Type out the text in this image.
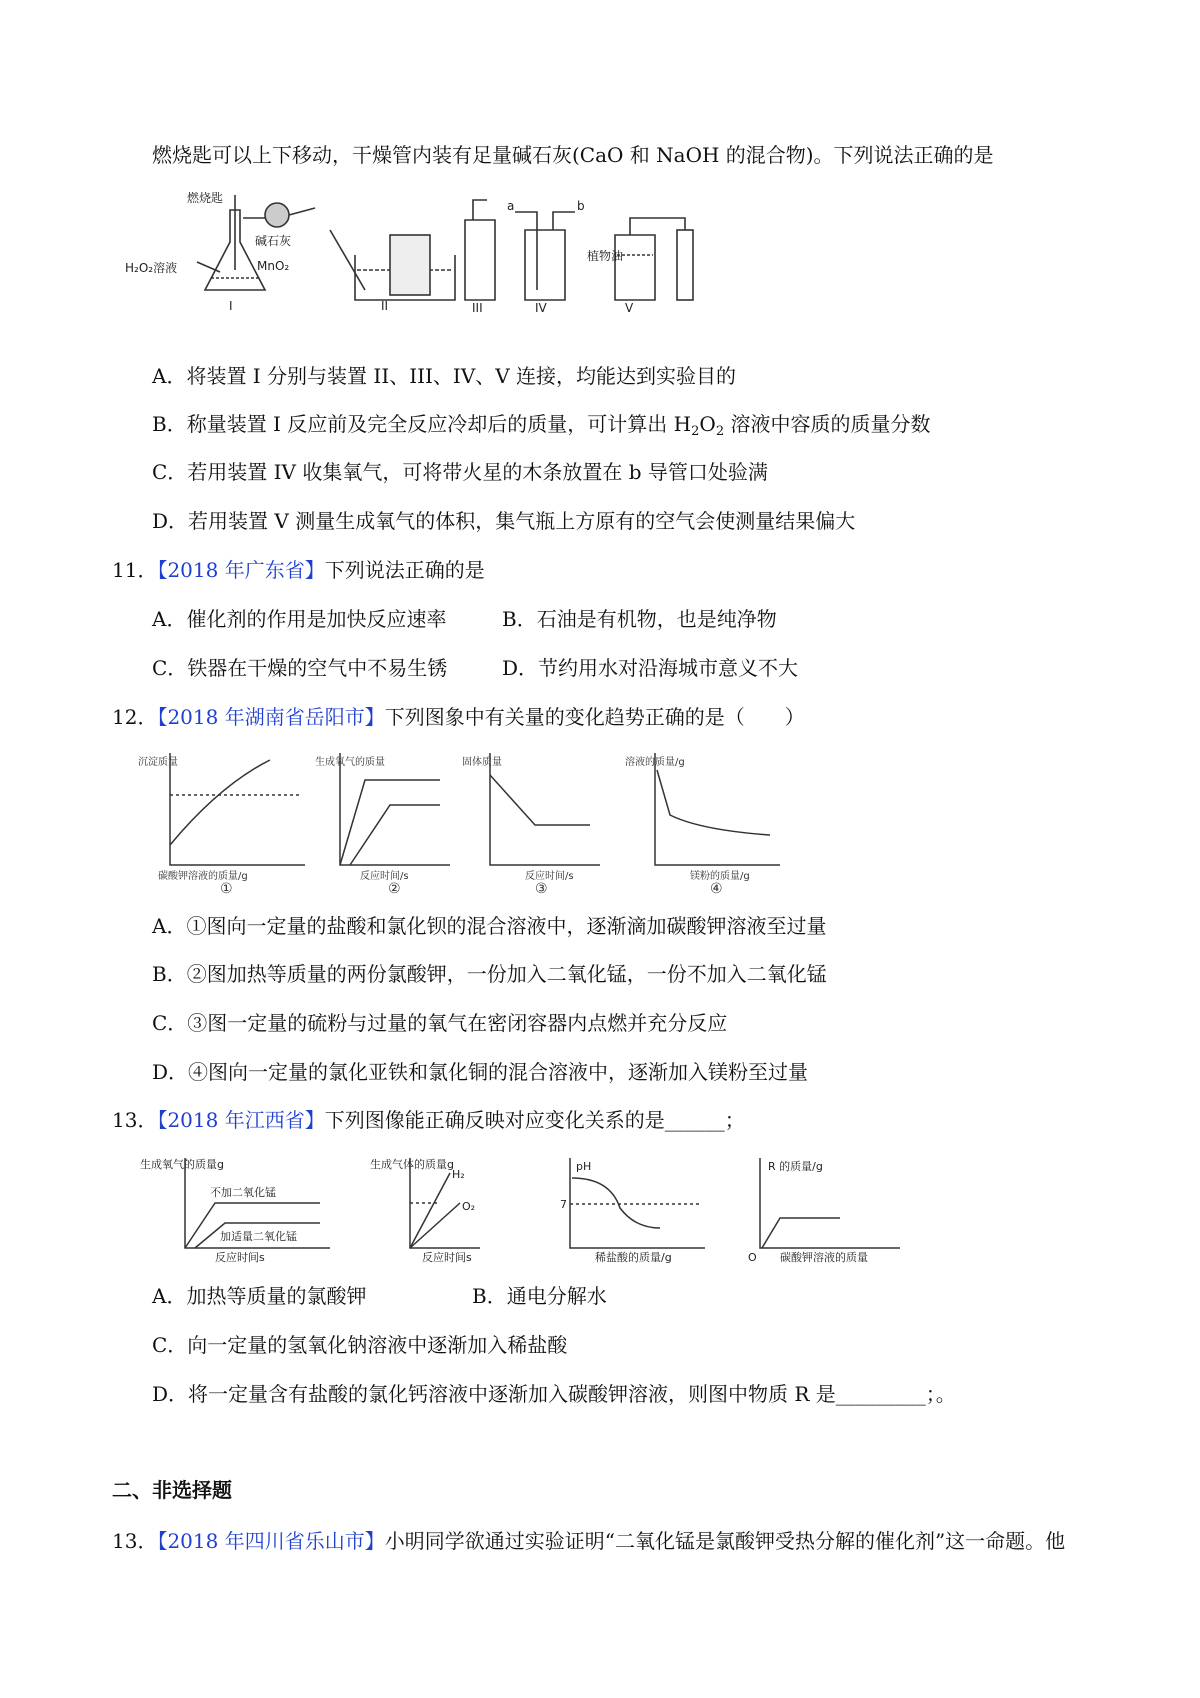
燃烧匙可以上下移动，干燥管内装有足量碱石灰(CaO 和 NaOH 的混合物)。下列说法正确的是
燃烧匙
碱石灰
H₂O₂溶液	MnO₂
植物油
a	b
I	II	III	IV	V
A．将装置 I 分别与装置 II、III、IV、V 连接，均能达到实验目的
B．称量装置 I 反应前及完全反应冷却后的质量，可计算出 $H_2O_2$ 溶液中容质的质量分数
C．若用装置 IV 收集氧气，可将带火星的木条放置在 b 导管口处验满
D．若用装置 V 测量生成氧气的体积，集气瓶上方原有的空气会使测量结果偏大
11．【2018 年广东省】下列说法正确的是
A．催化剂的作用是加快反应速率	B．石油是有机物，也是纯净物
C．铁器在干燥的空气中不易生锈	D．节约用水对沿海城市意义不大
12．【2018 年湖南省岳阳市】下列图象中有关量的变化趋势正确的是（　　）
沉淀质量	生成氧气的质量	固体质量	溶液的质量/g
碳酸钾溶液的质量/g	反应时间/s	反应时间/s	镁粉的质量/g
①	②	③	④
A．①图向一定量的盐酸和氯化钡的混合溶液中，逐渐滴加碳酸钾溶液至过量
B．②图加热等质量的两份氯酸钾，一份加入二氧化锰，一份不加入二氧化锰
C．③图一定量的硫粉与过量的氧气在密闭容器内点燃并充分反应
D．④图向一定量的氯化亚铁和氯化铜的混合溶液中，逐渐加入镁粉至过量
13．【2018 年江西省】下列图像能正确反映对应变化关系的是______；
生成氧气的质量g
不加二氧化锰
加适量二氧化锰
反应时间s
生成气体的质量g
H₂
O₂
反应时间s
pH
7
稀盐酸的质量/g
R 的质量/g
O 碳酸钾溶液的质量
A．加热等质量的氯酸钾	B．通电分解水
C．向一定量的氢氧化钠溶液中逐渐加入稀盐酸
D．将一定量含有盐酸的氯化钙溶液中逐渐加入碳酸钾溶液，则图中物质 R 是_________；。
二、非选择题
13．【2018 年四川省乐山市】小明同学欲通过实验证明“二氧化锰是氯酸钾受热分解的催化剂”这一命题。他
